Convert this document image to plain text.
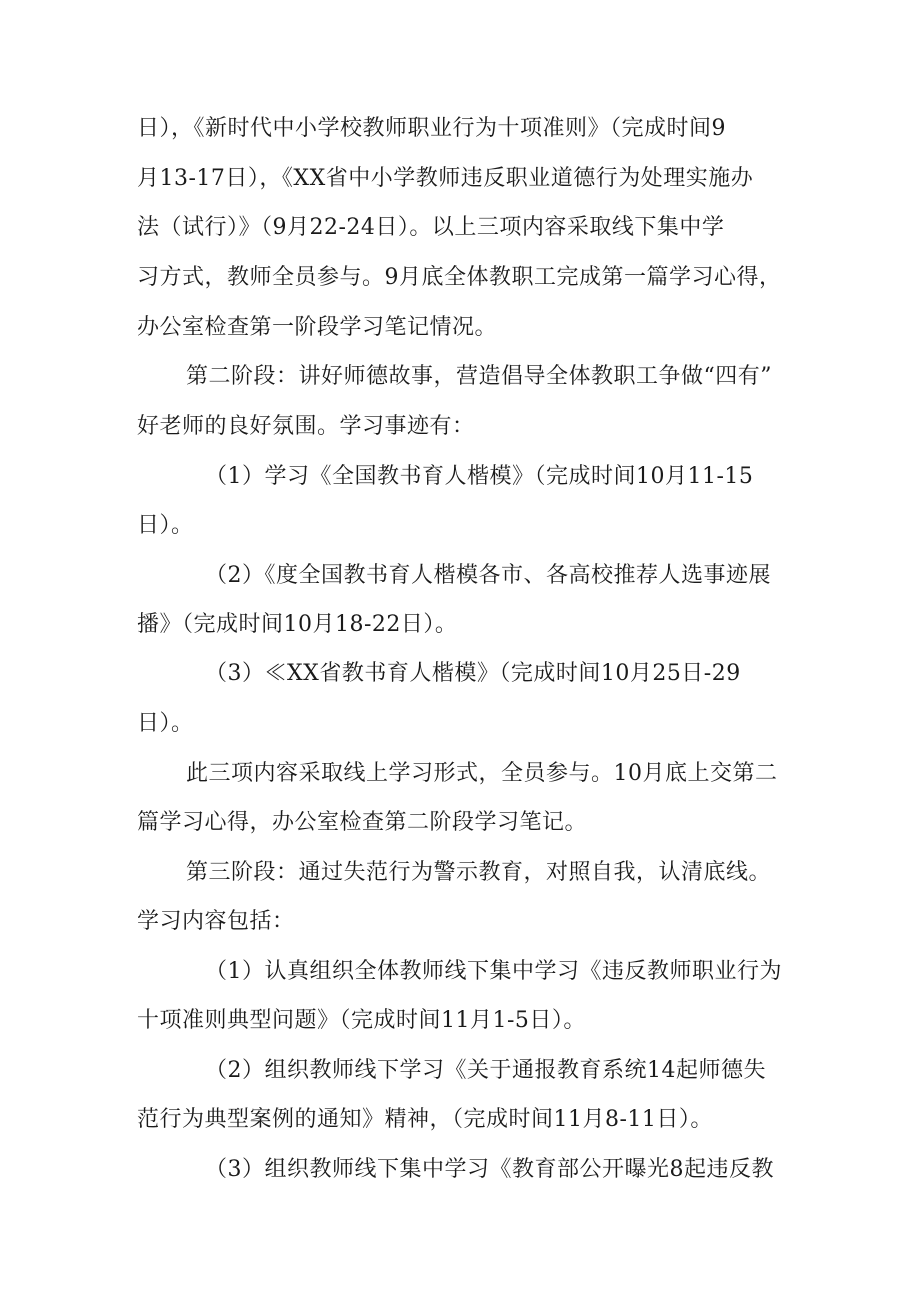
日），《新时代中小学校教师职业行为十项准则》（完成时间9
月13-17日），《XX省中小学教师违反职业道德行为处理实施办
法（试行）》（9月22-24日）。以上三项内容采取线下集中学
习方式，教师全员参与。9月底全体教职工完成第一篇学习心得，
办公室检查第一阶段学习笔记情况。
第二阶段：讲好师德故事，营造倡导全体教职工争做“四有”
好老师的良好氛围。学习事迹有：
（1）学习《全国教书育人楷模》（完成时间10月11-15
日）。
（2）《度全国教书育人楷模各市、各高校推荐人选事迹展
播》（完成时间10月18-22日）。
（3）≪XX省教书育人楷模》（完成时间10月25日-29
日）。
此三项内容采取线上学习形式，全员参与。10月底上交第二
篇学习心得，办公室检查第二阶段学习笔记。
第三阶段：通过失范行为警示教育，对照自我，认清底线。
学习内容包括：
（1）认真组织全体教师线下集中学习《违反教师职业行为
十项准则典型问题》（完成时间11月1-5日）。
（2）组织教师线下学习《关于通报教育系统14起师德失
范行为典型案例的通知》精神，（完成时间11月8-11日）。
（3）组织教师线下集中学习《教育部公开曝光8起违反教
